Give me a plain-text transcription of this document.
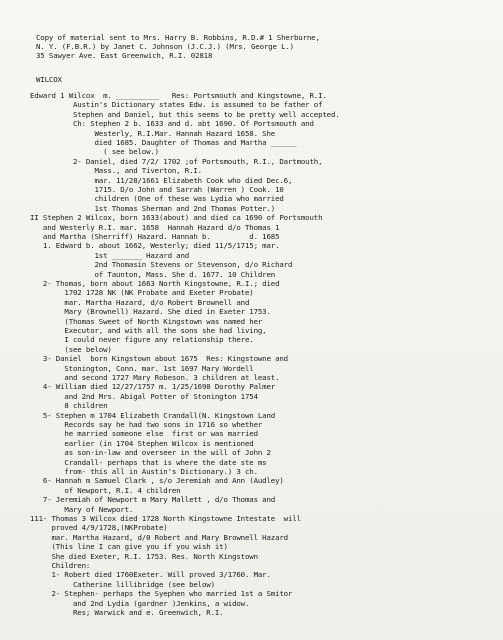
Copy of material sent to Mrs. Harry B. Robbins, R.D.# 1 Sherburne,
N. Y. (F.B.R.) by Janet C. Johnson (J.C.J.) (Mrs. George L.)
35 Sawyer Ave. East Greenwich, R.I. 02818
WILCOX
Edward 1 Wilcox  m. __________   Res: Portsmouth and Kingstowne, R.I.
Austin's Dictionary states Edw. is assumed to be father of
Stephen and Daniel, but this seems to be pretty well accepted.
Ch: Stephen 2 b. 1633 and d. abt 1690. Of Portsmouth and
Westerly, R.I.Mar. Hannah Hazard 1658. She
died 1685. Daughter of Thomas and Martha ______
( see below.)
2- Daniel, died 7/2/ 1702 ;of Portsmouth, R.I., Dartmouth,
Mass., and Tiverton, R.I.
mar. 11/28/1661 Elizabeth Cook who died Dec.6,
1715. D/o John and Sarrah (Warren ) Cook. 10
children (One of these was Lydia who married
1st Thomas Sherman and 2nd Thomas Potter.)
II Stephen 2 Wilcox, born 1633(about) and died ca 1690 of Portsmouth
and Westerly R.I. mar. 1658  Hannah Hazard d/o Thomas 1
and Martha (Sherriff) Hazard. Hannah b.         d. 1685
1. Edward b. about 1662, Westerly; died 11/5/1715; mar.
1st _______ Hazard and
2nd Thomasin Stevens or Stevenson, d/o Richard
of Taunton, Mass. She d. 1677. 10 Children
2- Thomas, born about 1663 North Kingstowne, R.I.; died
1702 1728 NK (NK Probate and Exeter Probate)
mar. Martha Hazard, d/o Robert Brownell and
Mary (Brownell) Hazard. She died in Exeter 1753.
(Thomas Sweet of North Kingstown was named her
Executor, and with all the sons she had living,
I could never figure any relationship there.
(see below)
3- Daniel  born Kingstown about 1675  Res: Kingstowne and
Stonington, Conn. mar. 1st 1697 Mary Wordell
and second 1727 Mary Robeson. 3 children at least.
4- William died 12/27/1757 m. 1/25/1698 Dorothy Palmer
and 2nd Mrs. Abigal Potter of Stonington 1754
8 children
5- Stephen m 1704 Elizabeth Crandall(N. Kingstown Land
Records say he had two sons in 1716 so whether
he married someone else  first or was married
earlier (in 1704 Stephen Wilcox is mentioned
as son-in-law and overseer in the will of John 2
Crandall- perhaps that is where the date ste ms
from- this all in Austin's Dictionary.) 3 ch.
6- Hannah m Samuel Clark , s/o Jeremiah and Ann (Audley)
of Newport, R.I. 4 children
7- Jeremiah of Newport m Mary Mallett , d/o Thomas and
Mary of Newport.
111- Thomas 3 Wilcox died 1728 North Kingstowne Intestate  will
proved 4/9/1728,(NKProbate)
mar. Martha Hazard, d/0 Robert and Mary Brownell Hazard
(This line I can give you if you wish it)
She died Exeter, R.I. 1753. Res. North Kingstown
Children:
1- Robert died 1760Exeter. Will proved 3/1760. Mar.
Catherine lillibridge (see below)
2- Stephen- perhaps the Syephen who married 1st a Smitor
and 2nd Lydia (gardner )Jenkins, a widow.
Res; Warwick and e. Greenwich, R.I.
